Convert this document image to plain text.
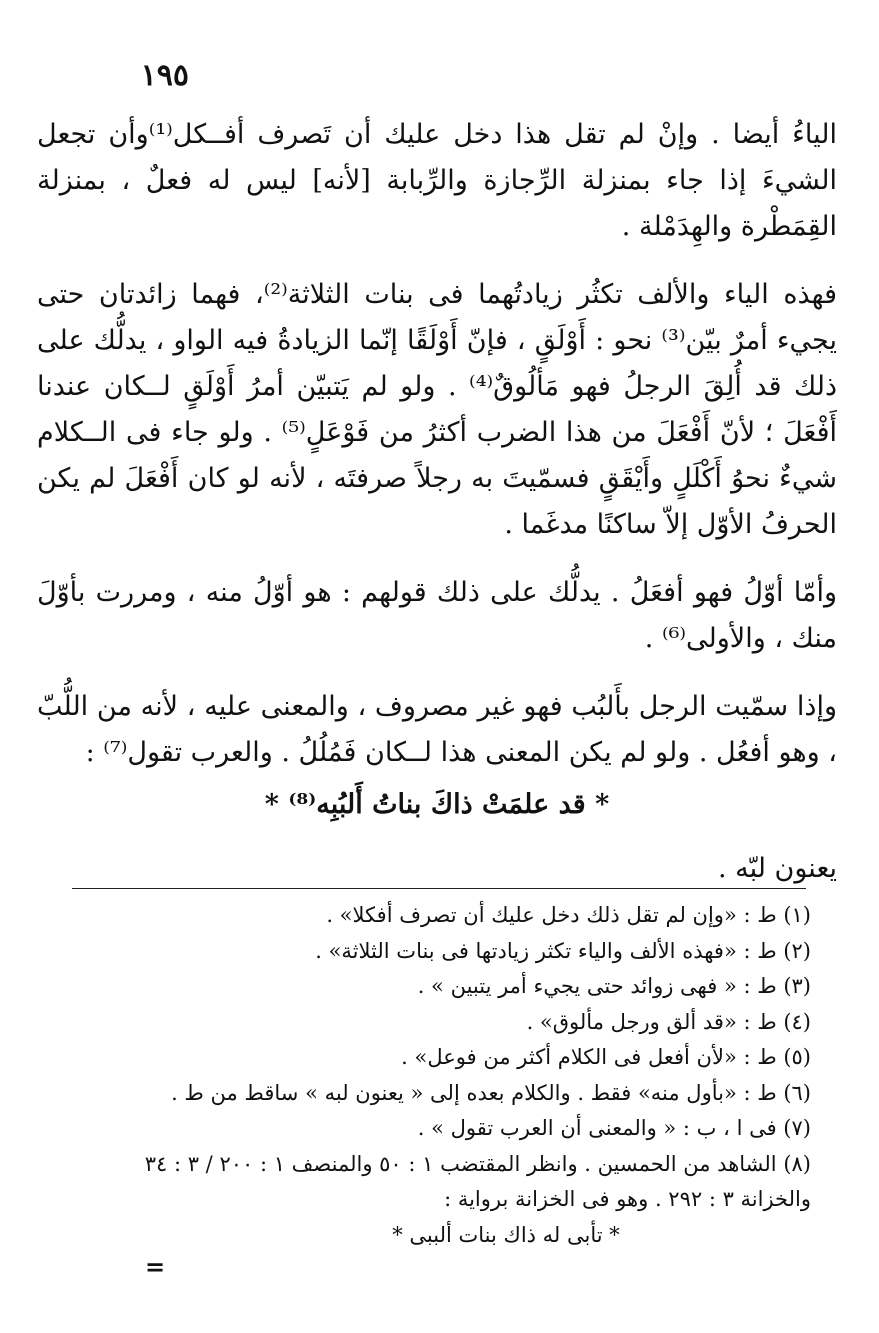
١٩٥

الياءُ أيضا . وإنْ لم تقل هذا دخل عليك أن تَصرف أفــكل⁽¹⁾وأن تجعل الشيءَ إذا جاء بمنزلة الرِّجازة والرِّبابة [لأنه] ليس له فعلٌ ، بمنزلة القِمَطْرة والهِدَمْلة .

فهذه الياء والألف تكثُر زيادتُهما فى بنات الثلاثة⁽²⁾، فهما زائدتان حتى يجيء أمرٌ بيّن⁽³⁾ نحو : أَوْلَقٍ ، فإنّ أَوْلَقًا إنّما الزيادةُ فيه الواو ، يدلُّك على ذلك قد أُلِقَ الرجلُ فهو مَألُوقٌ⁽⁴⁾ . ولو لم يَتبيّن أمرُ أَوْلَقٍ لــكان عندنا أَفْعَلَ ؛ لأنّ أَفْعَلَ من هذا الضرب أكثرُ من فَوْعَلٍ⁽⁵⁾ . ولو جاء فى الــكلام شيءٌ نحوُ أَكْلَلٍ وأَيْقَقٍ فسمّيتَ به رجلاً صرفتَه ، لأنه لو كان أَفْعَلَ لم يكن الحرفُ الأوّل إلاّ ساكنًا مدغَما .

وأمّا أوّلُ فهو أفعَلُ . يدلُّك على ذلك قولهم : هو أوّلُ منه ، ومررت بأوّلَ منك ، والأولى⁽⁶⁾ .

وإذا سمّيت الرجل بأَلبُب فهو غير مصروف ، والمعنى عليه ، لأنه من اللُّبّ ، وهو أفعُل . ولو لم يكن المعنى هذا لــكان فَمُلُلُ . والعرب تقول⁽⁷⁾ :

* قد علمَتْ ذاكَ بناتُ أَلبُبِه⁽⁸⁾ *

يعنون لبّه .

(١) ط : «وإن لم تقل ذلك دخل عليك أن تصرف أفكلا» .

(٢) ط : «فهذه الألف والياء تكثر زيادتها فى بنات الثلاثة» .

(٣) ط : « فهى زوائد حتى يجيء أمر يتبين » .

(٤) ط : «قد ألق ورجل مألوق» .

(٥) ط : «لأن أفعل فى الكلام أكثر من فوعل» .

(٦) ط : «بأول منه» فقط . والكلام بعده إلى « يعنون لبه » ساقط من ط .

(٧) فى ا ، ب : « والمعنى أن العرب تقول » .

(٨) الشاهد من الحمسين . وانظر المقتضب ١ : ٥٠ والمنصف ١ : ٢٠٠ / ٣ : ٣٤ والخزانة ٣ : ٢٩٢ . وهو فى الخزانة برواية :

* تأبى له ذاك بنات ألببى *

=
